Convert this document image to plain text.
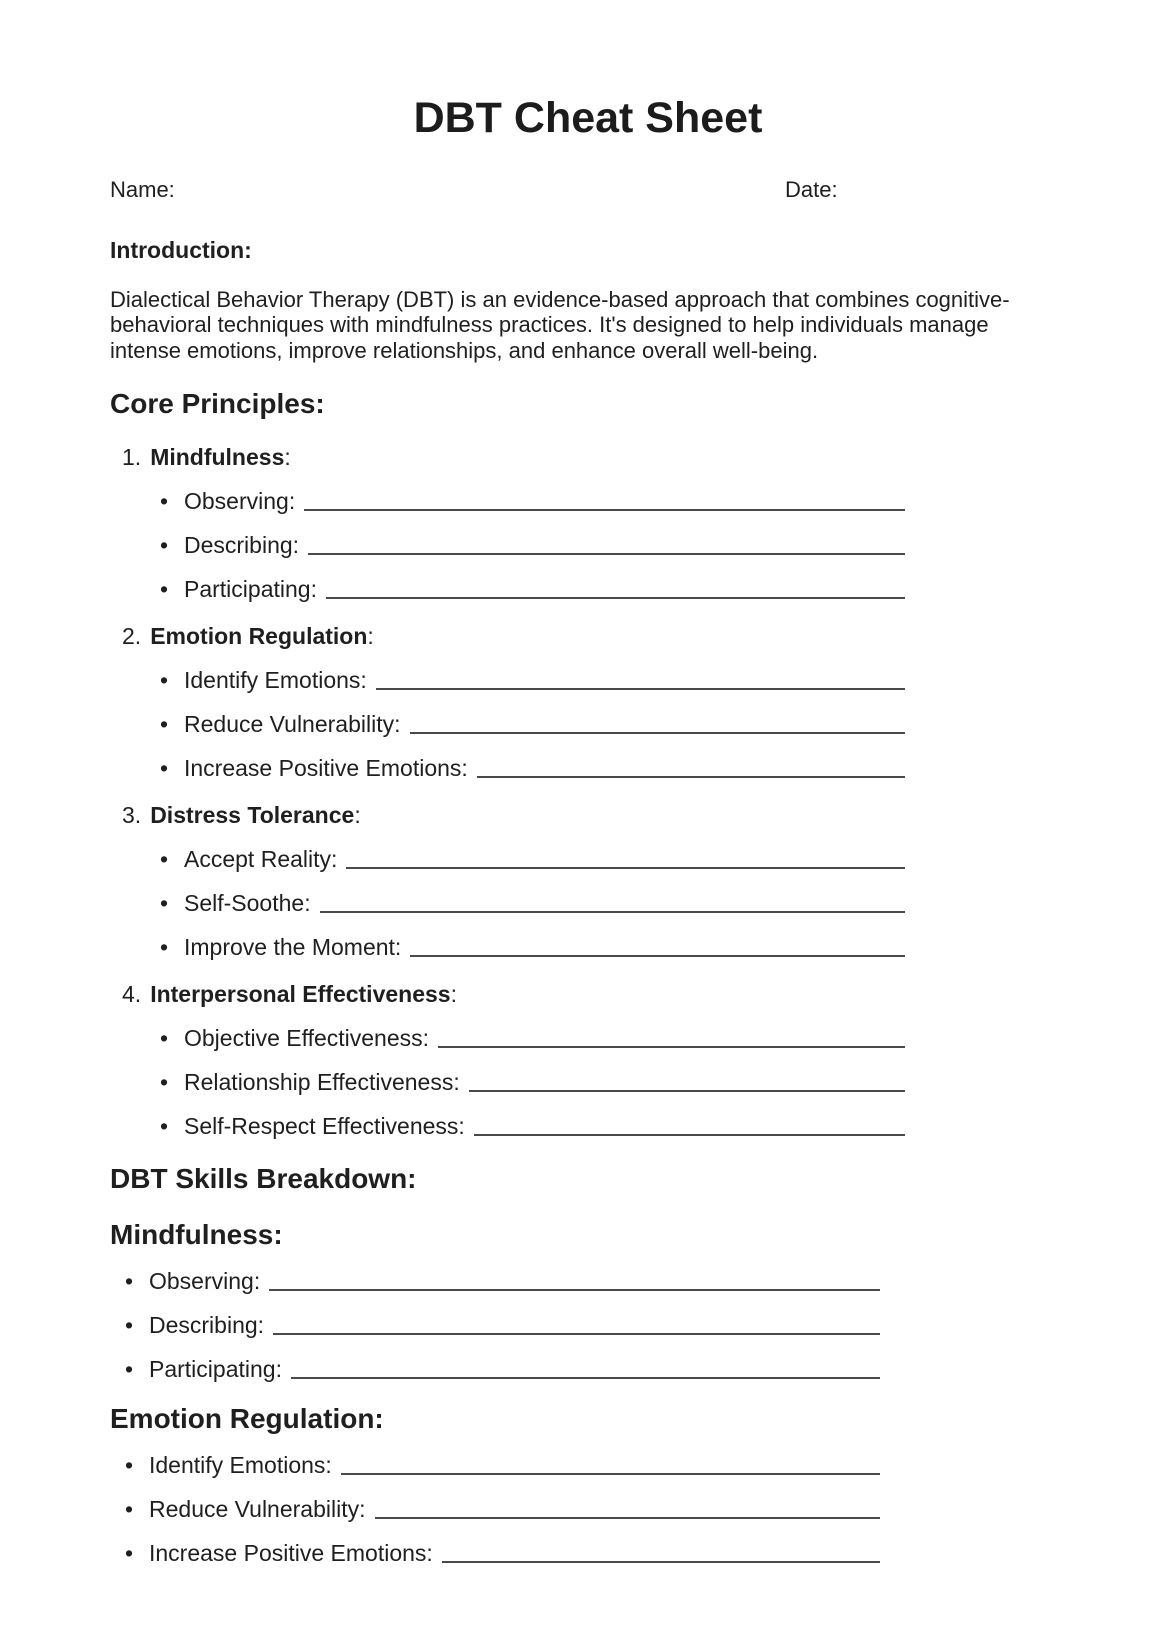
DBT Cheat Sheet
Name:	Date:
Introduction:

Dialectical Behavior Therapy (DBT) is an evidence-based approach that combines cognitive-behavioral techniques with mindfulness practices. It's designed to help individuals manage intense emotions, improve relationships, and enhance overall well-being.

Core Principles:
1. Mindfulness:
• Observing:
• Describing:
• Participating:
2. Emotion Regulation:
• Identify Emotions:
• Reduce Vulnerability:
• Increase Positive Emotions:
3. Distress Tolerance:
• Accept Reality:
• Self-Soothe:
• Improve the Moment:
4. Interpersonal Effectiveness:
• Objective Effectiveness:
• Relationship Effectiveness:
• Self-Respect Effectiveness:
DBT Skills Breakdown:
Mindfulness:
• Observing:
• Describing:
• Participating:
Emotion Regulation:
• Identify Emotions:
• Reduce Vulnerability:
• Increase Positive Emotions:
